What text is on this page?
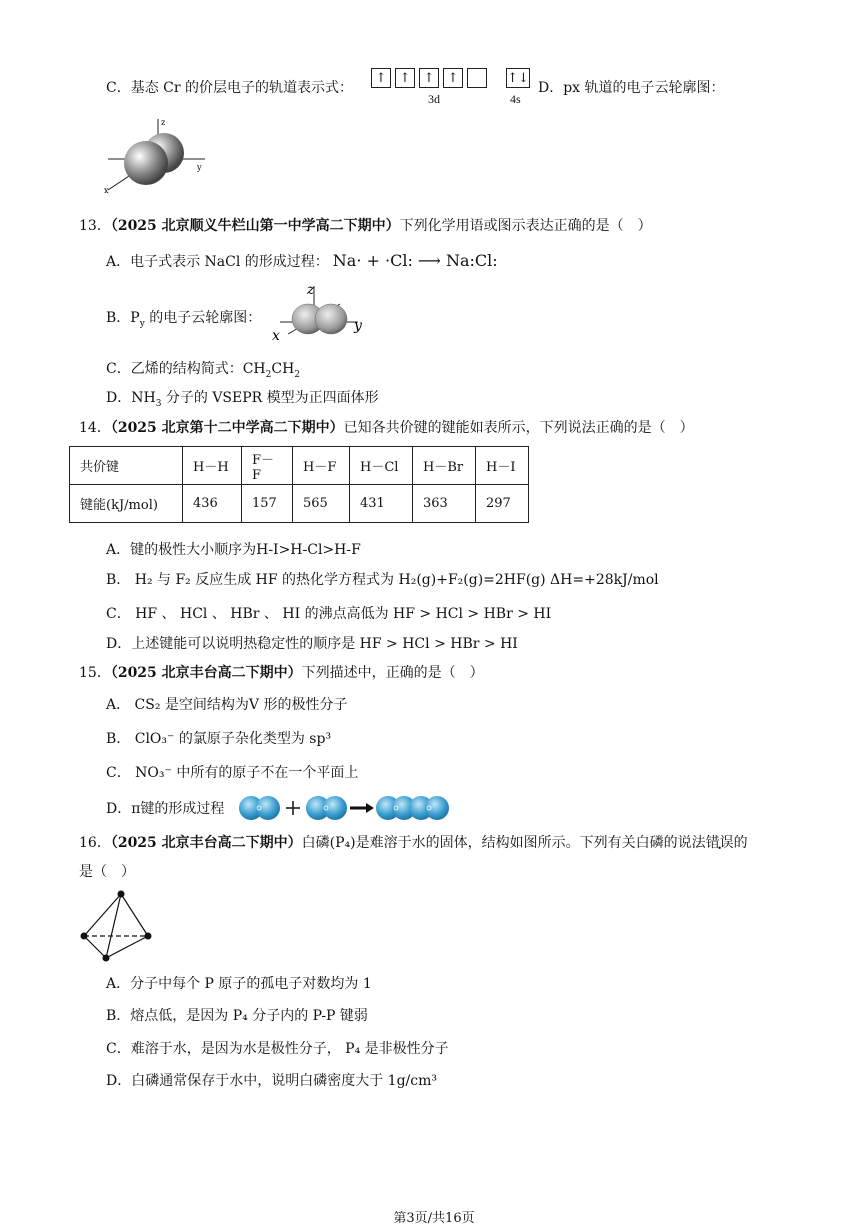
C．基态 Cr 的价层电子的轨道表示式：
↑	↑	↑	↑
3d
↑↓
4s
D．px 轨道的电子云轮廓图：
z
y
x
13．（2025 北京顺义牛栏山第一中学高二下期中）下列化学用语或图示表达正确的是（　）
A．电子式表示 NaCl 的形成过程： Na· + ·Cl: ⟶ Na:Cl:
B．$P_y$ 的电子云轮廓图：
z
y
x
C．乙烯的结构简式：$CH_2CH_2$
D．$NH_3$ 分子的 VSEPR 模型为正四面体形
14．（2025 北京第十二中学高二下期中）已知各共价键的键能如表所示，下列说法正确的是（　）
共价键	H－H	F－F	H－F	H－Cl	H－Br	H－I
键能(kJ/mol)	436	157	565	431	363	297
A．键的极性大小顺序为H-I>H-Cl>H-F
B． H₂ 与 F₂ 反应生成 HF 的热化学方程式为 H₂(g)+F₂(g)=2HF(g) ΔH=+28kJ/mol
C． HF 、 HCl 、 HBr 、 HI 的沸点高低为 HF > HCl > HBr > HI
D．上述键能可以说明热稳定性的顺序是 HF > HCl > HBr > HI
15．（2025 北京丰台高二下期中）下列描述中，正确的是（　）
A． CS₂ 是空间结构为V 形的极性分子
B． ClO₃⁻ 的氯原子杂化类型为 sp³
C． NO₃⁻ 中所有的原子不在一个平面上
D．π键的形成过程
16．（2025 北京丰台高二下期中）白磷(P₄)是难溶于水的固体，结构如图所示。下列有关白磷的说法错误的
是（　）
A．分子中每个 P 原子的孤电子对数均为 1
B．熔点低，是因为 P₄ 分子内的 P-P 键弱
C．难溶于水，是因为水是极性分子， P₄ 是非极性分子
D．白磷通常保存于水中，说明白磷密度大于 1g/cm³
第3页/共16页
